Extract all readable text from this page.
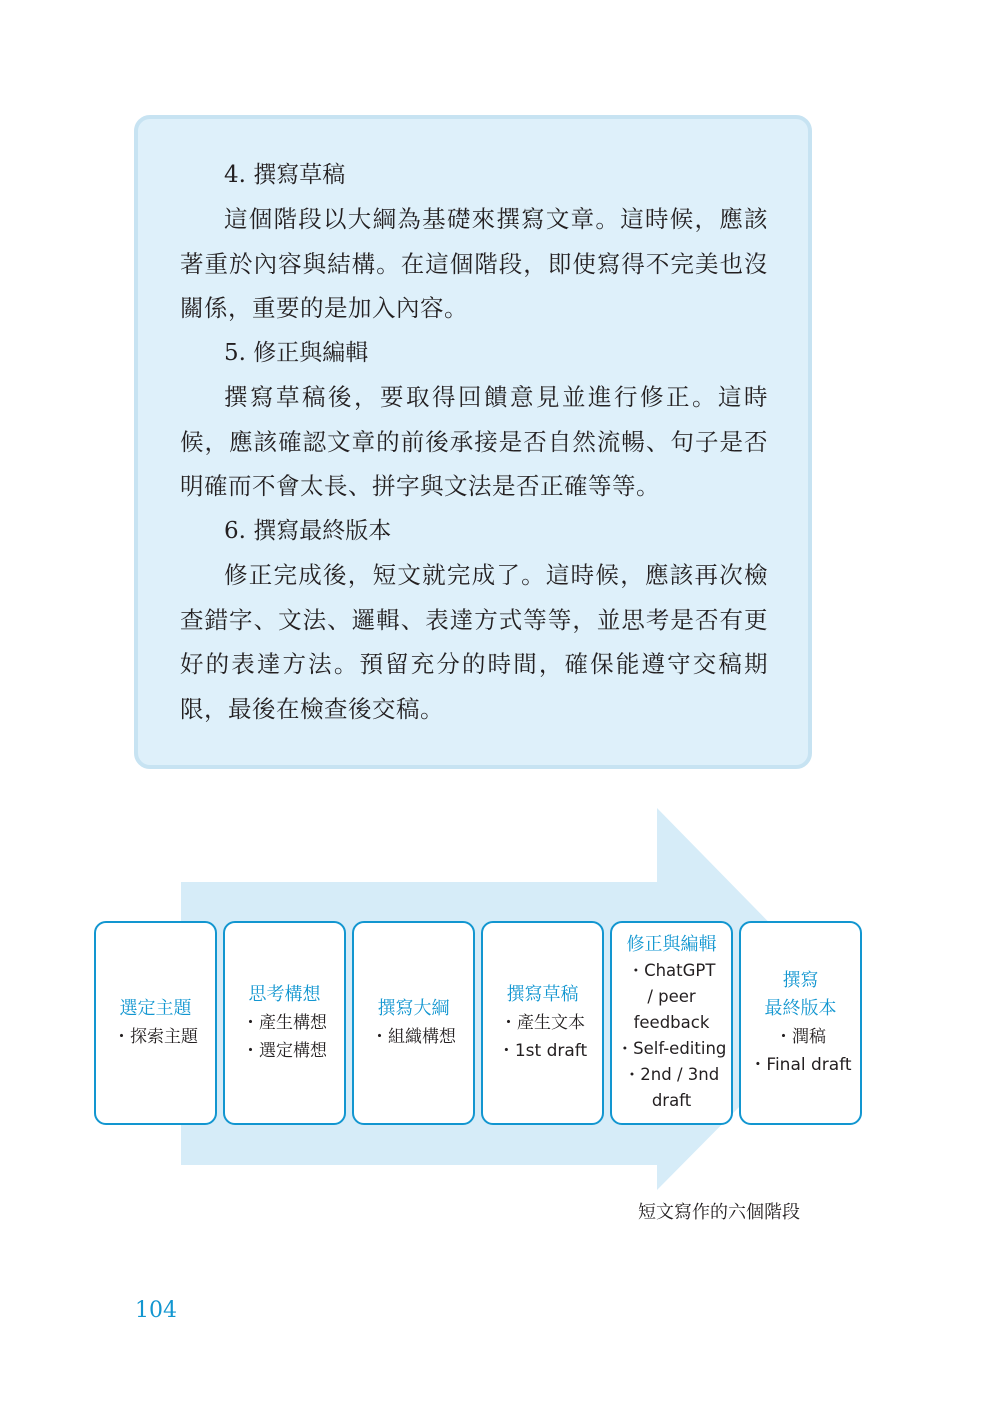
4. 撰寫草稿

這個階段以大綱為基礎來撰寫文章。這時候，應該著重於內容與結構。在這個階段，即使寫得不完美也沒關係，重要的是加入內容。

5. 修正與編輯

撰寫草稿後，要取得回饋意見並進行修正。這時候，應該確認文章的前後承接是否自然流暢、句子是否明確而不會太長、拼字與文法是否正確等等。

6. 撰寫最終版本

修正完成後，短文就完成了。這時候，應該再次檢查錯字、文法、邏輯、表達方式等等，並思考是否有更好的表達方法。預留充分的時間，確保能遵守交稿期限，最後在檢查後交稿。

選定主題
・探索主題
思考構想
・產生構想
・選定構想
撰寫大綱
・組織構想
撰寫草稿
・產生文本
・1st draft
修正與編輯
・ChatGPT
/ peer
feedback
・Self-editing
・2nd / 3nd
draft
撰寫
最終版本
・潤稿
・Final draft
短文寫作的六個階段
104
